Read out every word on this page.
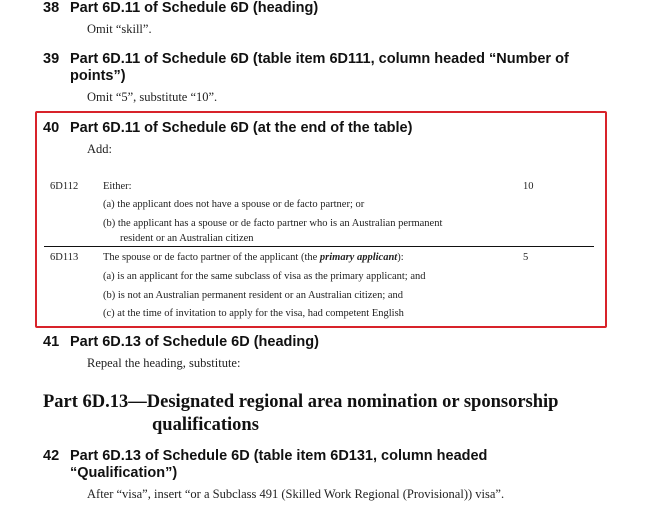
38 Part 6D.11 of Schedule 6D (heading)
Omit “skill”.
39 Part 6D.11 of Schedule 6D (table item 6D111, column headed “Number of
points”)
Omit “5”, substitute “10”.
40 Part 6D.11 of Schedule 6D (at the end of the table)
Add:
6D112 Either:
(a) the applicant does not have a spouse or de facto partner; or
(b) the applicant has a spouse or de facto partner who is an Australian permanent
resident or an Australian citizen
10
6D113 The spouse or de facto partner of the applicant (the primary applicant):
(a) is an applicant for the same subclass of visa as the primary applicant; and
(b) is not an Australian permanent resident or an Australian citizen; and
(c) at the time of invitation to apply for the visa, had competent English
5
41 Part 6D.13 of Schedule 6D (heading)
Repeal the heading, substitute:
Part 6D.13—Designated regional area nomination or sponsorship
qualifications
42 Part 6D.13 of Schedule 6D (table item 6D131, column headed
“Qualification”)
After “visa”, insert “or a Subclass 491 (Skilled Work Regional (Provisional)) visa”.
